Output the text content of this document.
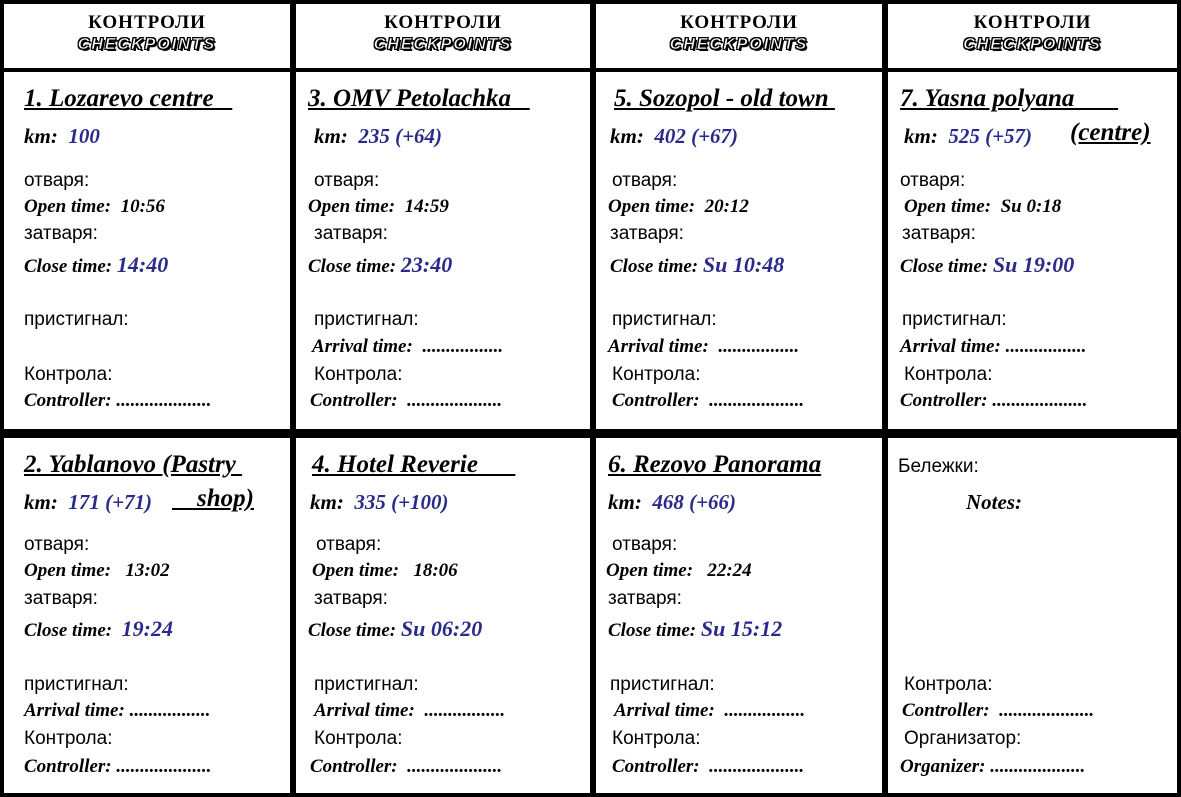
КОНТРОЛИ
CHECKPOINTS
КОНТРОЛИ
CHECKPOINTS
КОНТРОЛИ
CHECKPOINTS
КОНТРОЛИ
CHECKPOINTS
1. Lozarevo centre
km: 100
отваря:
Open time: 10:56
затваря:
Close time: 14:40
пристигнал:
Контрола:
Controller: ....................
3. OMV Petolachka
km: 235 (+64)
отваря:
Open time: 14:59
затваря:
Close time: 23:40
пристигнал:
Arrival time: .................
Контрола:
Controller: ....................
5. Sozopol - old town
km: 402 (+67)
отваря:
Open time: 20:12
затваря:
Close time: Su 10:48
пристигнал:
Arrival time: .................
Контрола:
Controller: ....................
7. Yasna polyana
km: 525 (+57) (centre)
отваря:
Open time: Su 0:18
затваря:
Close time: Su 19:00
пристигнал:
Arrival time: .................
Контрола:
Controller: ....................
2. Yablanovo (Pastry
km: 171 (+71) shop)
отваря:
Open time: 13:02
затваря:
Close time: 19:24
пристигнал:
Arrival time: .................
Контрола:
Controller: ....................
4. Hotel Reverie
km: 335 (+100)
отваря:
Open time: 18:06
затваря:
Close time: Su 06:20
пристигнал:
Arrival time: .................
Контрола:
Controller: ....................
6. Rezovo Panorama
km: 468 (+66)
отваря:
Open time: 22:24
затваря:
Close time: Su 15:12
пристигнал:
Arrival time: .................
Контрола:
Controller: ....................
Бележки:
Notes:
Контрола:
Controller: ....................
Организатор:
Organizer: ....................
